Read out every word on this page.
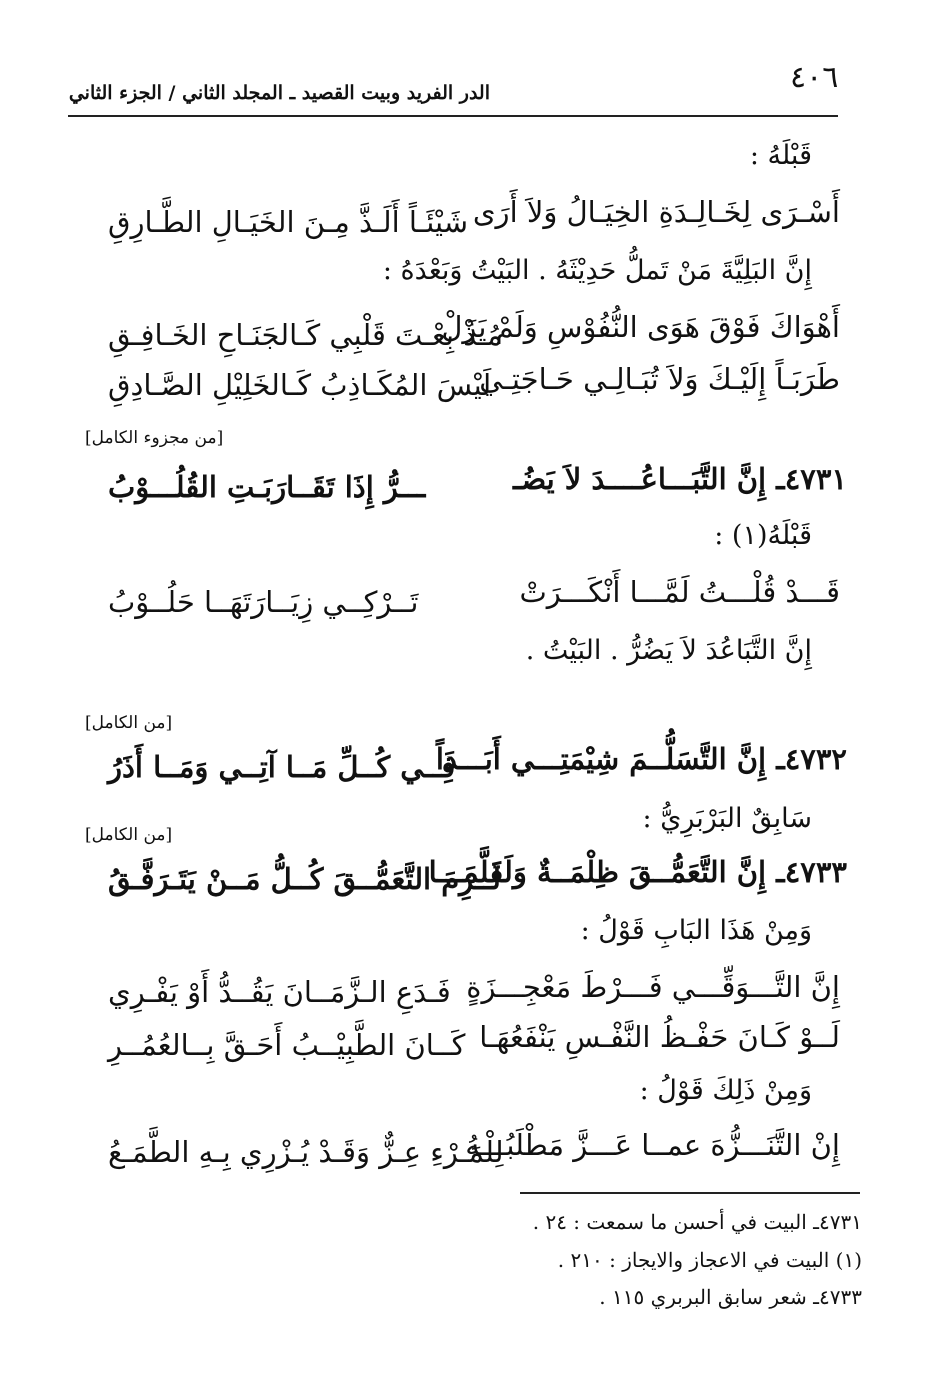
٤٠٦
الدر الفريد وبيت القصيد ـ المجلد الثاني / الجزء الثاني
قَبْلَهُ :
أَسْـرَى لِخَـالِـدَةِ الخِيَـالُ وَلاَ أَرَى
شَيْئَـاً أَلَـذَّ مِـنَ الخَيَـالِ الطَّـارِقِ
إِنَّ البَلِيَّةَ مَنْ تَملُّ حَدِيْثَهُ . البَيْتُ وَبَعْدَهُ :
أَهْوَاكَ فَوْقَ هَوَى النُّفُوْسِ وَلَمْ يَزَلْ
مُـذْ بِعْـتَ قَلْبِي كَـالجَنَـاحِ الخَـافِـقِ
طَرَبَـاً إِلَيْـكَ وَلاَ تُبَـالِـي حَـاجَتِـي
لَيْسَ المُكَـاذِبُ كَـالخَلِيْلِ الصَّـادِقِ
[من مجزوء الكامل]
٤٧٣١ـ إِنَّ التَّبَـــاعُــــدَ لاَ يَضُـ
ـــرُّ إِذَا تَقَــارَبَـتِ القُلُـــوْبُ
قَبْلَهُ(١) :
قَـــدْ قُلْـــتُ لَمَّـــا أَنْكَـــرَتْ
تَــرْكِــي زِيَــارَتَهَــا حَلُــوْبُ
إِنَّ التَّبَاعُدَ لاَ يَضُرُّ . البَيْتُ .
[من الكامل]
٤٧٣٢ـ إِنَّ التَّسَلُّــمَ شِيْمَتِـــي أَبَـــدَاً
فِــي كُــلِّ مَــا آتِــي وَمَــا أَذَرُ
سَابِقٌ البَرْبَرِيُّ :
[من الكامل]
٤٧٣٣ـ إِنَّ التَّعَمُّــقَ ظِلْمَــةٌ وَلَقَلَّمَـــا
لَــزِمَ التَّعَمُّــقَ كُــلُّ مَــنْ يَتَـرَفَّـقُ
وَمِنْ هَذَا البَابِ قَوْلُ :
إِنَّ التَّـــوَقِّـــي فَـــرْطَ مَعْجِـــزَةٍ
فَـدَعِ الـزَّمَــانَ يَقُــدُّ أَوْ يَفْـرِي
لَــوْ كَـانَ حَفْـظُ النَّفْـسِ يَنْفَعُهَـا
كَــانَ الطَّبِيْــبُ أَحَـقَّ بِــالعُمُــرِ
وَمِنْ ذَلِكَ قَوْلُ :
إِنْ التَّنَـــزُّهَ عمــا عَـــزَّ مَطْلَبُـــهُ
لِلْمَـرْءِ عِـزٌّ وَقَـدْ يُـزْرِي بِـهِ الطَّمَـعُ
٤٧٣١ـ البيت في أحسن ما سمعت : ٢٤ .
(١) البيت في الاعجاز والايجاز : ٢١٠ .
٤٧٣٣ـ شعر سابق البربري ١١٥ .
